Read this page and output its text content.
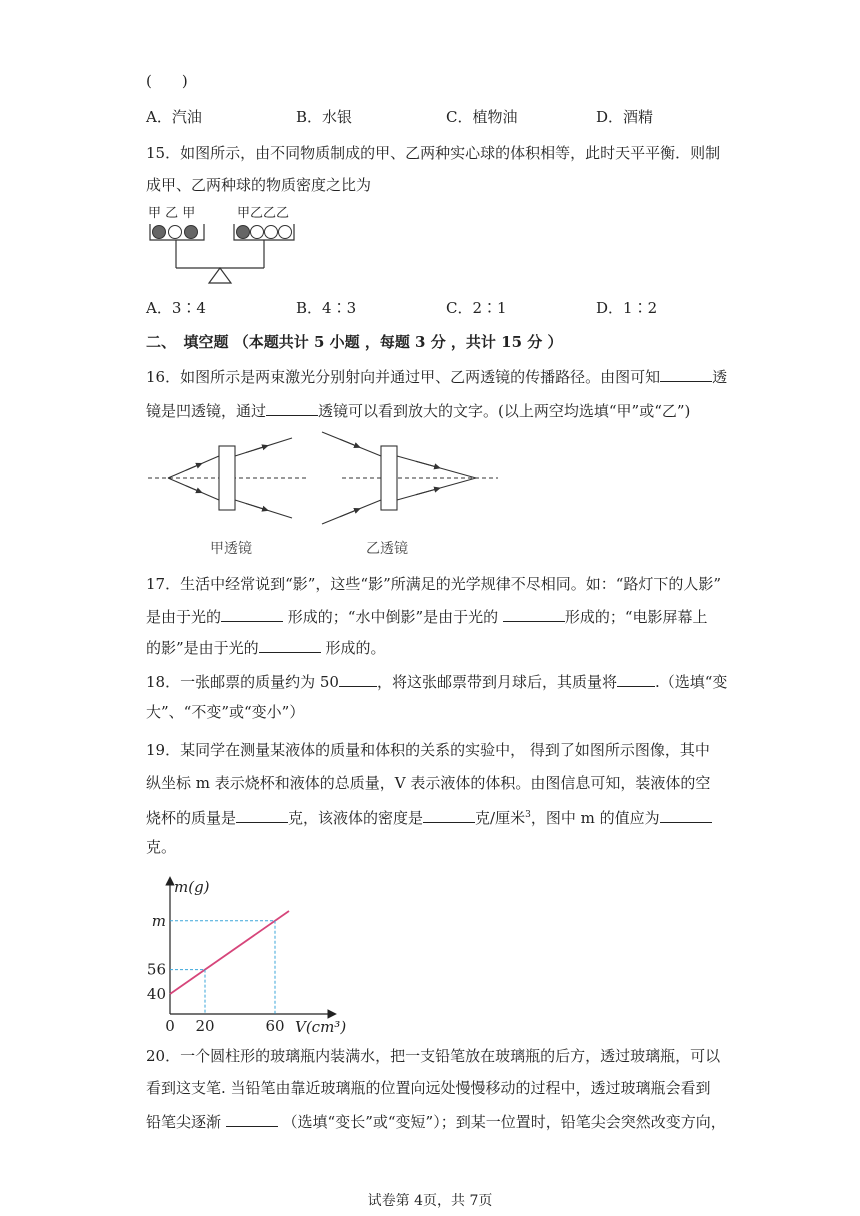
(　　)
A．汽油	B．水银	C．植物油	D．酒精
15．如图所示，由不同物质制成的甲、乙两种实心球的体积相等，此时天平平衡．则制
成甲、乙两种球的物质密度之比为
甲 乙 甲	甲乙乙乙
A．3∶4	B．4∶3	C．2∶1	D．1∶2
二、　填空题 （本题共计 5 小题 ，每题 3 分 ，共计 15 分 ）
16．如图所示是两束激光分别射向并通过甲、乙两透镜的传播路径。由图可知	透
镜是凹透镜，通过	透镜可以看到放大的文字。(以上两空均选填“甲”或“乙”)
甲透镜	乙透镜
17．生活中经常说到“影”，这些“影”所满足的光学规律不尽相同。如：“路灯下的人影”
是由于光的	形成的；“水中倒影”是由于光的	形成的；“电影屏幕上
的影”是由于光的	形成的。
18．一张邮票的质量约为 50	，将这张邮票带到月球后，其质量将	.（选填“变
大”、“不变”或“变小”）
19．某同学在测量某液体的质量和体积的关系的实验中， 得到了如图所示图像，其中
纵坐标 m 表示烧杯和液体的总质量，V 表示液体的体积。由图信息可知，装液体的空
烧杯的质量是	克，该液体的密度是	克/厘米$^3$，图中 m 的值应为
克。
0 20	60
40
56
m
m(g)
V(cm³)
20．一个圆柱形的玻璃瓶内装满水，把一支铅笔放在玻璃瓶的后方，透过玻璃瓶，可以
看到这支笔. 当铅笔由靠近玻璃瓶的位置向远处慢慢移动的过程中，透过玻璃瓶会看到
铅笔尖逐渐	（选填“变长”或“变短”）；到某一位置时，铅笔尖会突然改变方向，
试卷第 4页，共 7页
